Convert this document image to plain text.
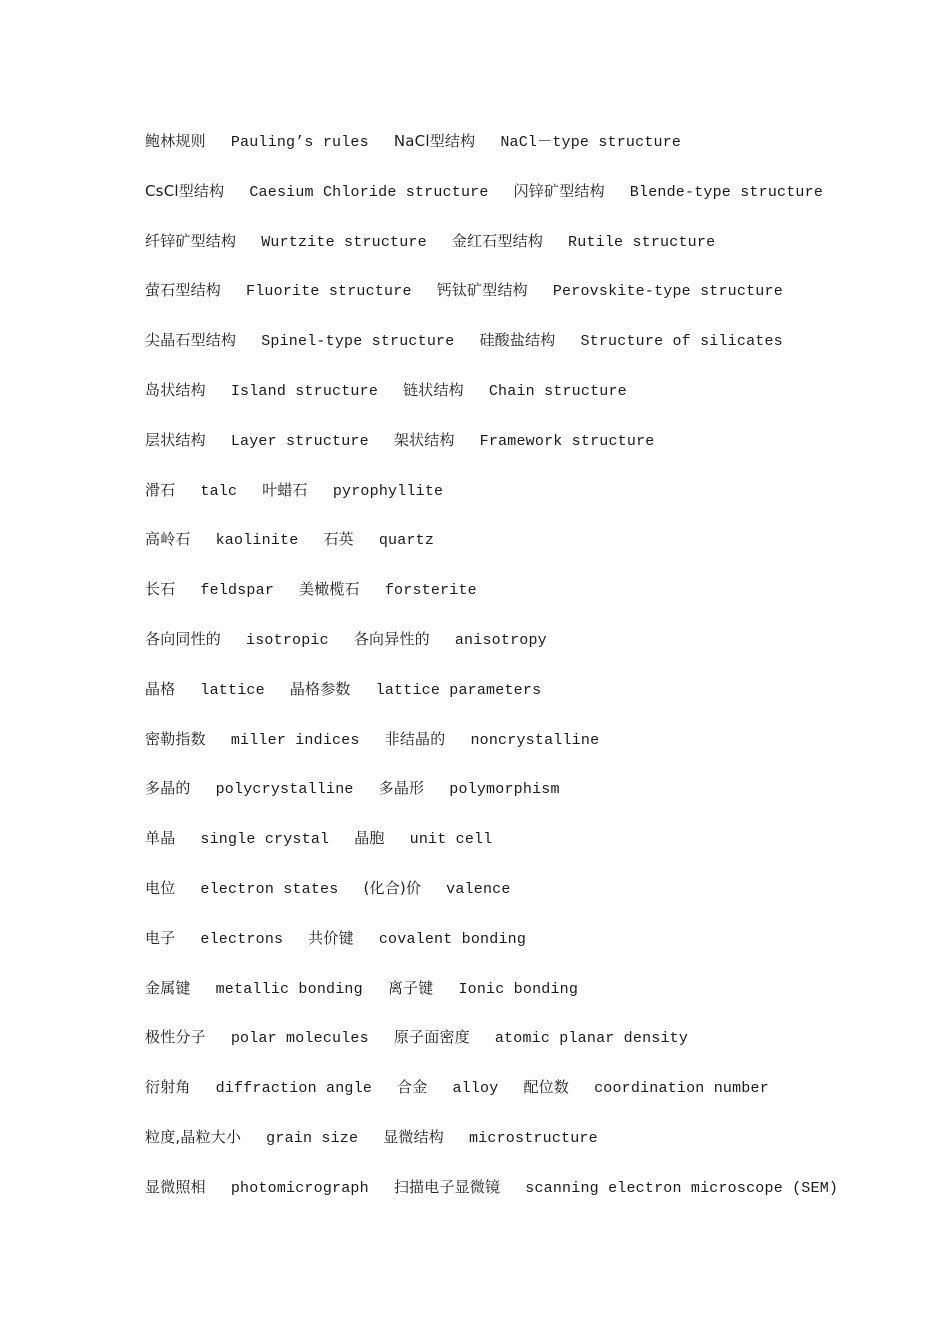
鲍林规则 Pauling’s rules NaCl型结构 NaCl－type structure
CsCl型结构 Caesium Chloride structure 闪锌矿型结构 Blende-type structure
纤锌矿型结构 Wurtzite structure 金红石型结构 Rutile structure
萤石型结构 Fluorite structure 钙钛矿型结构 Perovskite-type structure
尖晶石型结构 Spinel-type structure 硅酸盐结构 Structure of silicates
岛状结构 Island structure 链状结构 Chain structure
层状结构 Layer structure 架状结构 Framework structure
滑石 talc 叶蜡石 pyrophyllite
高岭石 kaolinite 石英 quartz
长石 feldspar 美橄榄石 forsterite
各向同性的 isotropic 各向异性的 anisotropy
晶格 lattice 晶格参数 lattice parameters
密勒指数 miller indices 非结晶的 noncrystalline
多晶的 polycrystalline 多晶形 polymorphism
单晶 single crystal 晶胞 unit cell
电位 electron states (化合)价 valence
电子 electrons 共价键 covalent bonding
金属键 metallic bonding 离子键 Ionic bonding
极性分子 polar molecules 原子面密度 atomic planar density
衍射角 diffraction angle 合金 alloy 配位数 coordination number
粒度,晶粒大小 grain size 显微结构 microstructure
显微照相 photomicrograph 扫描电子显微镜 scanning electron microscope (SEM)
